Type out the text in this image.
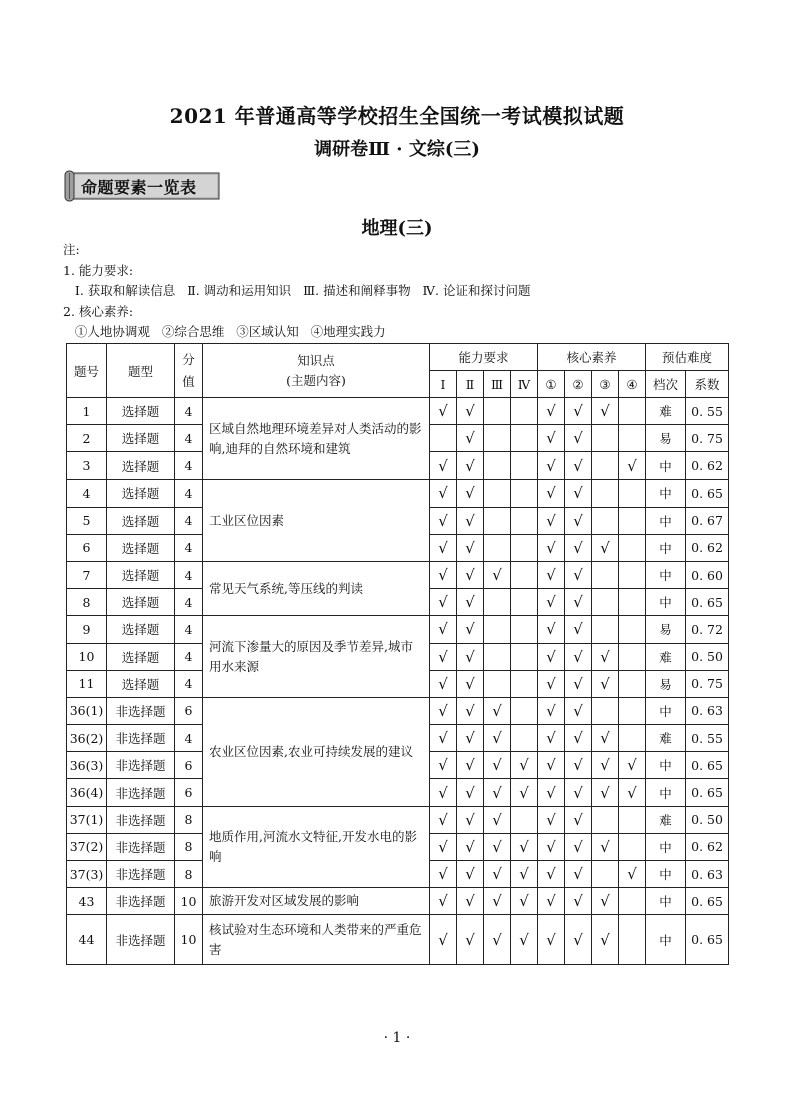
2021 年普通高等学校招生全国统一考试模拟试题
调研卷Ⅲ · 文综(三)
命题要素一览表
地理(三)
注:
1. 能力要求:
Ⅰ. 获取和解读信息   Ⅱ. 调动和运用知识   Ⅲ. 描述和阐释事物   Ⅳ. 论证和探讨问题
2. 核心素养:
①人地协调观   ②综合思维   ③区域认知   ④地理实践力
题号	题型	分值	知识点
(主题内容)	能力要求				核心素养				预估难度	
				Ⅰ	Ⅱ	Ⅲ	Ⅳ	①	②	③	④	档次	系数
1	选择题	4	区域自然地理环境差异对人类活动的影响,迪拜的自然环境和建筑	√	√			√	√	√		难	0. 55
2	选择题	4			√			√	√			易	0. 75
3	选择题	4		√	√			√	√		√	中	0. 62
4	选择题	4	工业区位因素	√	√			√	√			中	0. 65
5	选择题	4		√	√			√	√			中	0. 67
6	选择题	4		√	√			√	√	√		中	0. 62
7	选择题	4	常见天气系统,等压线的判读	√	√	√		√	√			中	0. 60
8	选择题	4		√	√			√	√			中	0. 65
9	选择题	4	河流下渗量大的原因及季节差异,城市用水来源	√	√			√	√			易	0. 72
10	选择题	4		√	√			√	√	√		难	0. 50
11	选择题	4		√	√			√	√	√		易	0. 75
36(1)	非选择题	6	农业区位因素,农业可持续发展的建议	√	√	√		√	√			中	0. 63
36(2)	非选择题	4		√	√	√		√	√	√		难	0. 55
36(3)	非选择题	6		√	√	√	√	√	√	√	√	中	0. 65
36(4)	非选择题	6		√	√	√	√	√	√	√	√	中	0. 65
37(1)	非选择题	8	地质作用,河流水文特征,开发水电的影响	√	√	√		√	√			难	0. 50
37(2)	非选择题	8		√	√	√	√	√	√	√		中	0. 62
37(3)	非选择题	8		√	√	√	√	√	√		√	中	0. 63
43	非选择题	10	旅游开发对区域发展的影响	√	√	√	√	√	√	√		中	0. 65
44	非选择题	10	核试验对生态环境和人类带来的严重危害	√	√	√	√	√	√	√		中	0. 65
· 1 ·
